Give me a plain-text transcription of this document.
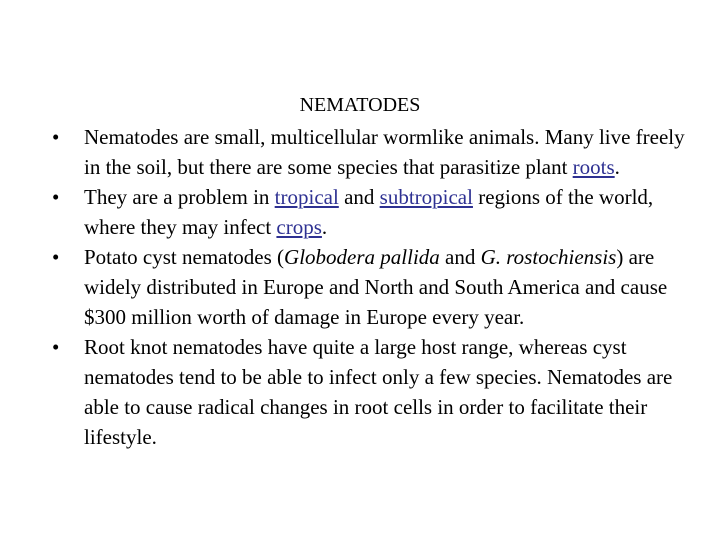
NEMATODES
•	Nematodes are small, multicellular wormlike animals. Many live freely in the soil, but there are some species that parasitize plant roots.
•	They are a problem in tropical and subtropical regions of the world, where they may infect crops.
•	Potato cyst nematodes (Globodera pallida and G. rostochiensis) are widely distributed in Europe and North and South America and cause $300 million worth of damage in Europe every year.
•	Root knot nematodes have quite a large host range, whereas cyst nematodes tend to be able to infect only a few species. Nematodes are able to cause radical changes in root cells in order to facilitate their lifestyle.
